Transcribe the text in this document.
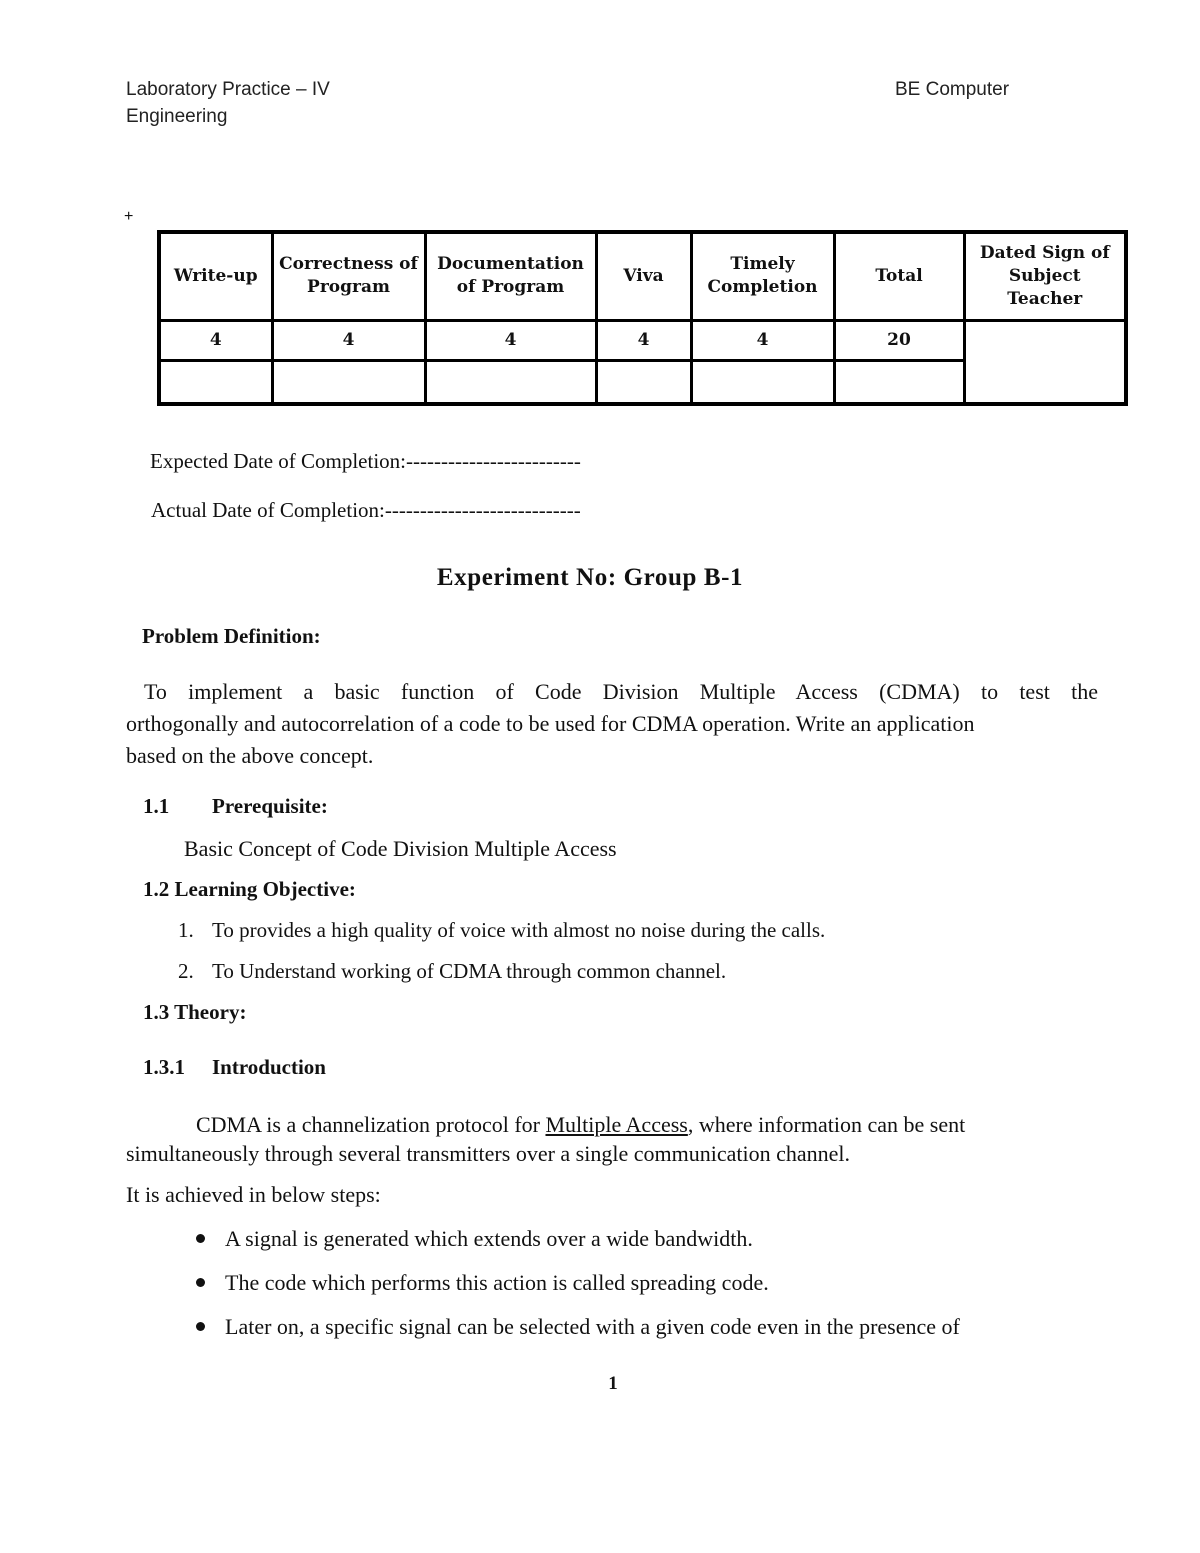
Laboratory Practice – IV	BE Computer
Engineering
+
Write-up	Correctness of Program	Documentation of Program	Viva	Timely Completion	Total	Dated Sign of Subject Teacher
4	4	4	4	4	20	

Expected Date of Completion:-------------------------
Actual Date of Completion:----------------------------
Experiment No: Group B-1
Problem Definition:
To implement a basic function of Code Division Multiple Access (CDMA) to test the
orthogonally and autocorrelation of a code to be used for CDMA operation. Write an application
based on the above concept.
1.1 Prerequisite:
Basic Concept of Code Division Multiple Access
1.2 Learning Objective:
1. To provides a high quality of voice with almost no noise during the calls.
2. To Understand working of CDMA through common channel.
1.3 Theory:
1.3.1 Introduction
CDMA is a channelization protocol for Multiple Access, where information can be sent
simultaneously through several transmitters over a single communication channel.
It is achieved in below steps:
A signal is generated which extends over a wide bandwidth.
The code which performs this action is called spreading code.
Later on, a specific signal can be selected with a given code even in the presence of
1
